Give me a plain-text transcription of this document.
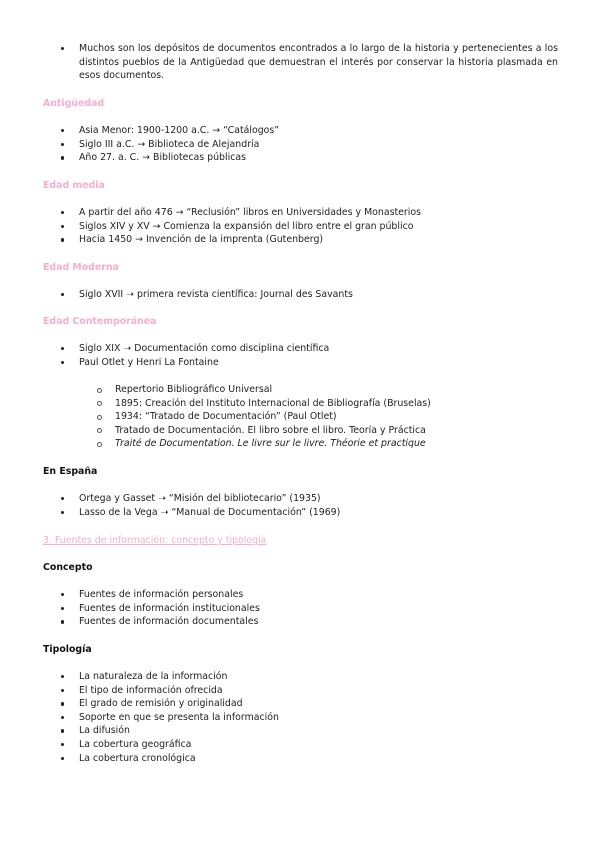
Muchos son los depósitos de documentos encontrados a lo largo de la historia y pertenecientes a los distintos pueblos de la Antigüedad que demuestran el interés por conservar la historia plasmada en esos documentos.

Antigüedad

Asia Menor: 1900-1200 a.C. → “Catálogos”
Siglo III a.C. → Biblioteca de Alejandría
Año 27. a. C. → Bibliotecas públicas

Edad media

A partir del año 476 → “Reclusión” libros en Universidades y Monasterios
Siglos XIV y XV → Comienza la expansión del libro entre el gran público
Hacia 1450 → Invención de la imprenta (Gutenberg)

Edad Moderna

Siglo XVII ➝ primera revista científica: Journal des Savants

Edad Contemporánea

Siglo XIX ➝ Documentación como disciplina científica
Paul Otlet y Henri La Fontaine
Repertorio Bibliográfico Universal
1895: Creación del Instituto Internacional de Bibliografía (Bruselas)
1934: “Tratado de Documentación” (Paul Otlet)
Tratado de Documentación. El libro sobre el libro. Teoría y Práctica
Traité de Documentation. Le livre sur le livre. Théorie et practique

En España

Ortega y Gasset ➝ “Misión del bibliotecario” (1935)
Lasso de la Vega ➝ “Manual de Documentación” (1969)

3. Fuentes de información: concepto y tipología

Concepto

Fuentes de información personales
Fuentes de información institucionales
Fuentes de información documentales

Tipología

La naturaleza de la información
El tipo de información ofrecida
El grado de remisión y originalidad
Soporte en que se presenta la información
La difusión
La cobertura geográfica
La cobertura cronológica
